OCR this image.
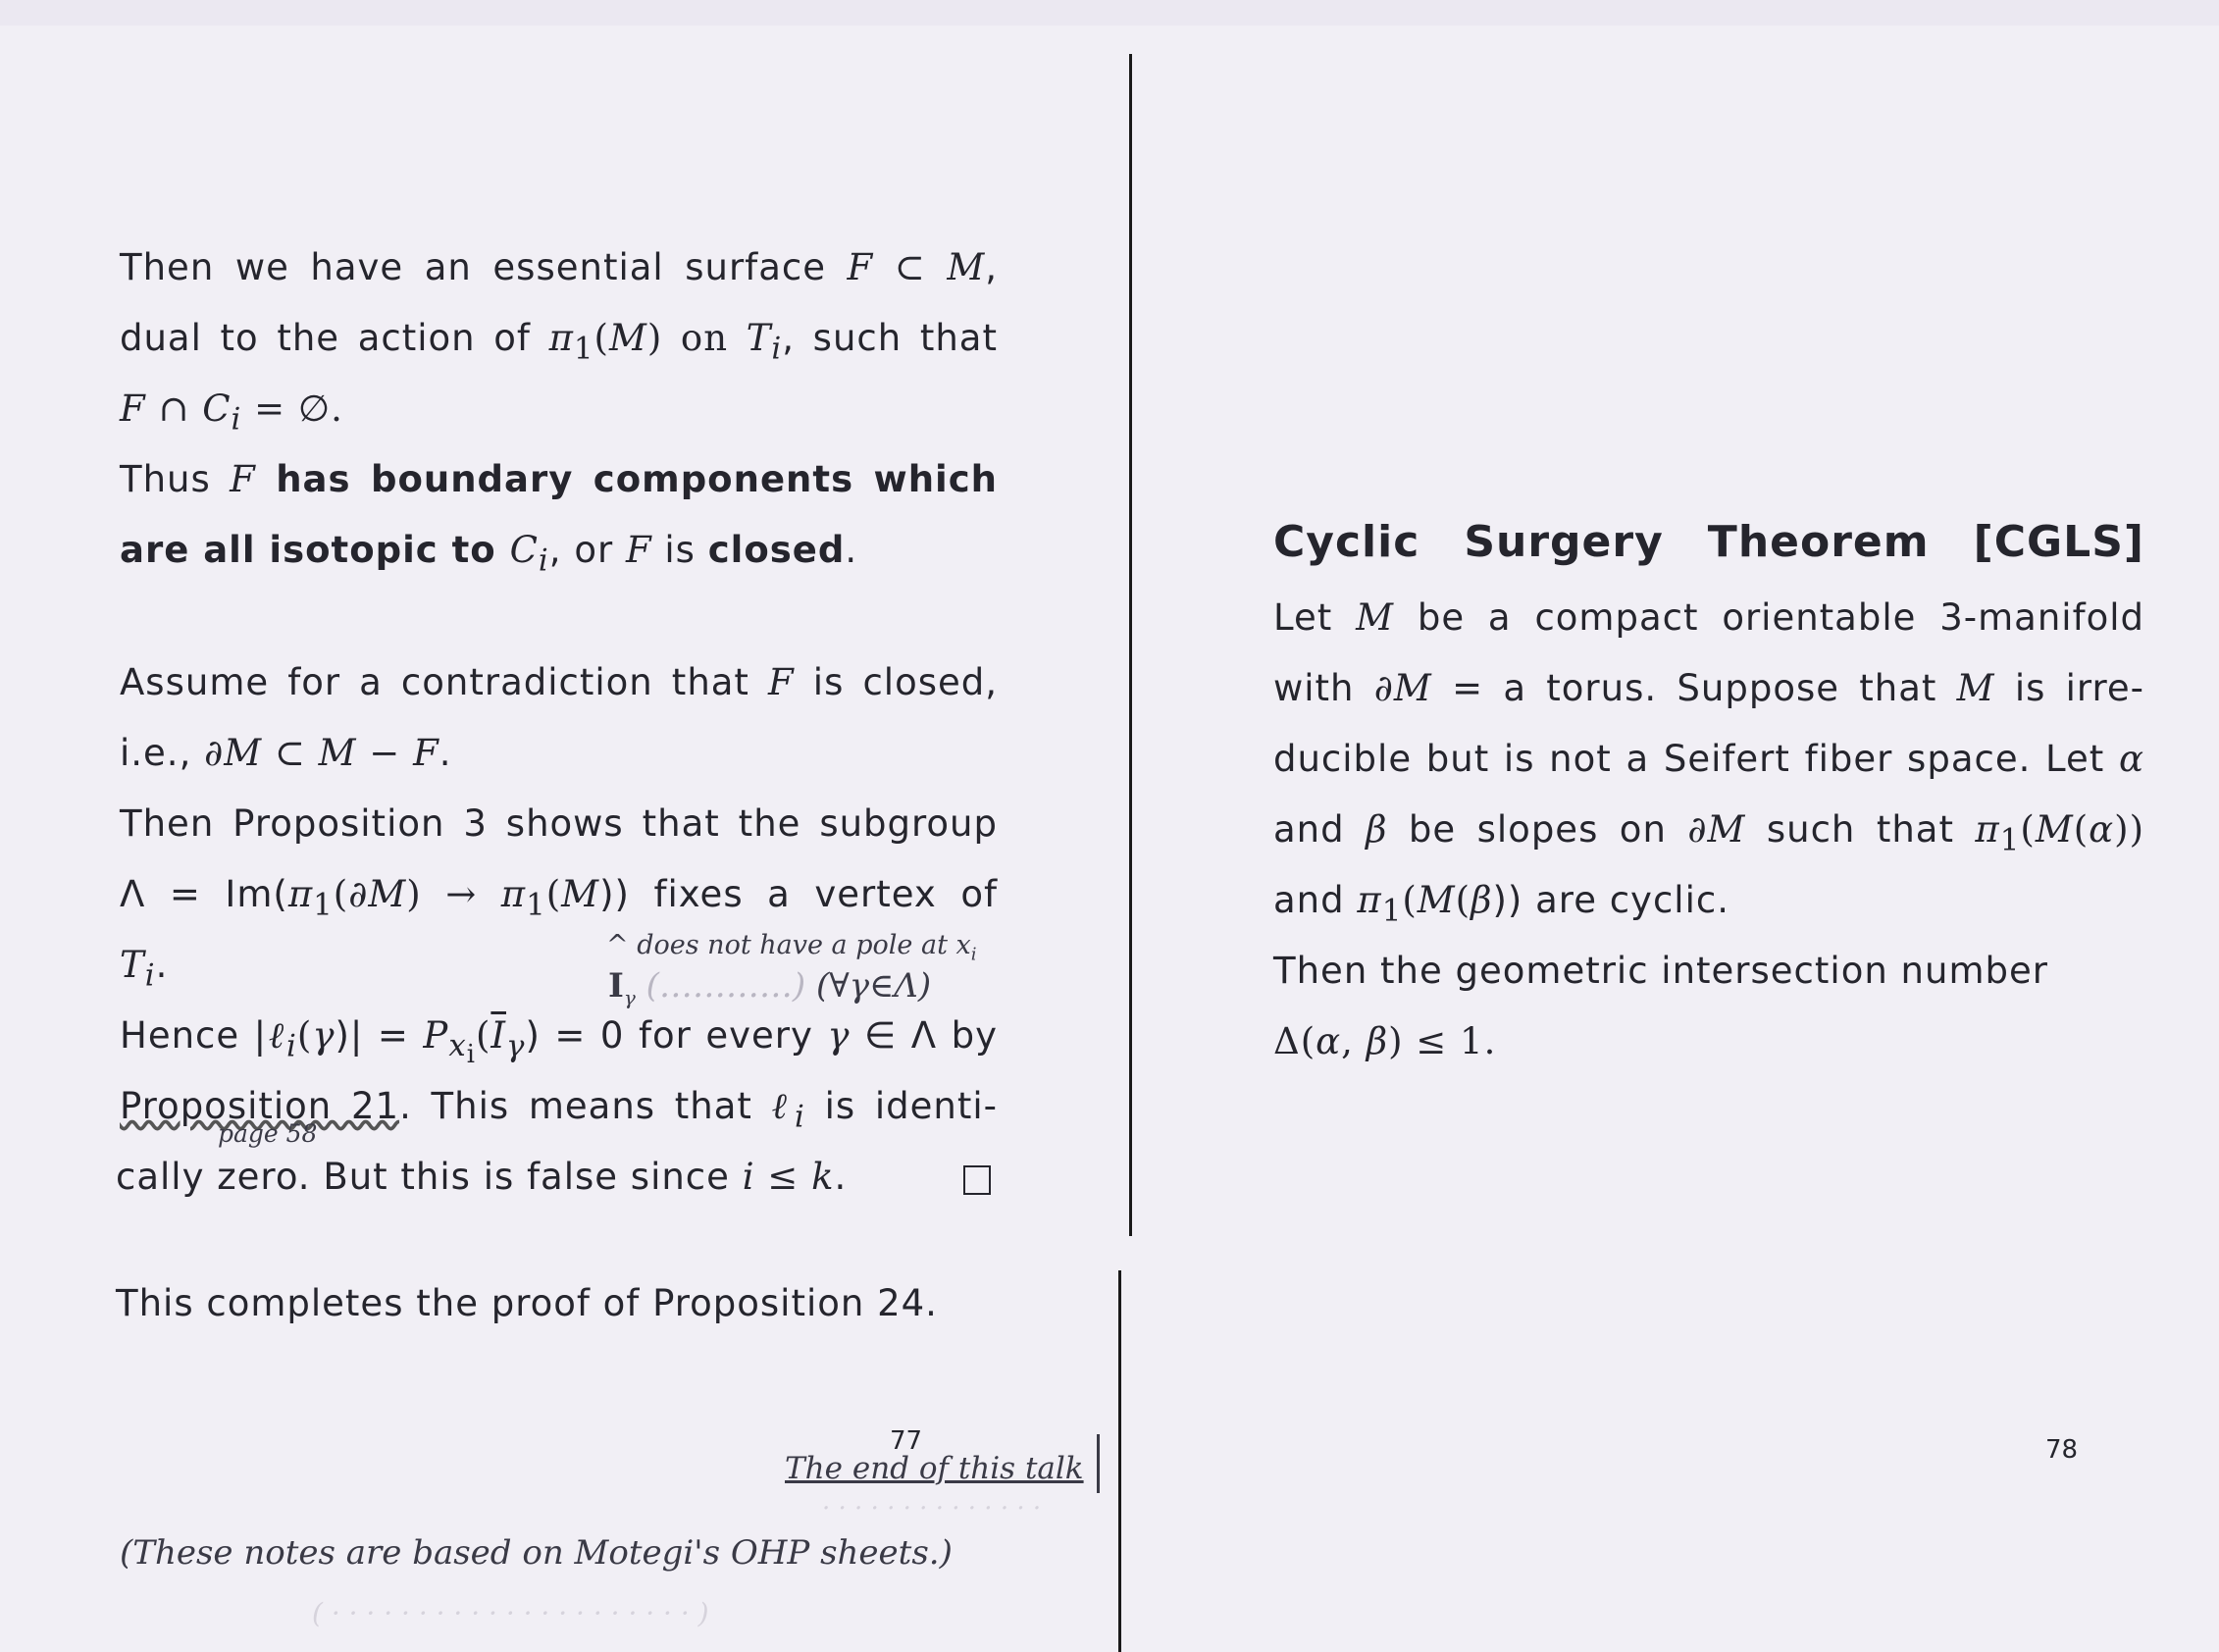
Then we have an essential surface F ⊂ M,
dual to the action of $\pi_1(M)$ on $T_i$, such that
F ∩ $C_i$ = ∅.
Thus F has boundary components which
are all isotopic to $C_i$, or F is closed.
Assume for a contradiction that F is closed,
i.e., ∂M ⊂ M − F.
Then Proposition 3 shows that the subgroup
$\Lambda = Im(\pi_1(\partial M) \to \pi_1(M))$ fixes a vertex of
$T_i$.
Hence |ℓ$_i$(γ)| = $P_{x_i}(\overline{I}_\gamma) = 0$ for every γ ∈ Λ by
Proposition 21. This means that ℓ$_i$ is identi-
cally zero. But this is false since i ≤ k.
This completes the proof of Proposition 24.
77
^ does not have a pole at $x_i$
$I_\gamma$ (…………) (∀γ∈Λ)
page 58
The end of this talk
· · · · · · · · · · · · · ·
(These notes are based on Motegi's OHP sheets.)
( · · · · · · · · · · · · · · · · · · · · · )
Cyclic Surgery Theorem [CGLS]
Let M be a compact orientable 3-manifold
with ∂M = a torus. Suppose that M is irre-
ducible but is not a Seifert fiber space. Let α
and β be slopes on ∂M such that $\pi_1(M(\alpha))$
and $\pi_1(M(\beta))$ are cyclic.
Then the geometric intersection number
Δ(α, β) ≤ 1.
78
